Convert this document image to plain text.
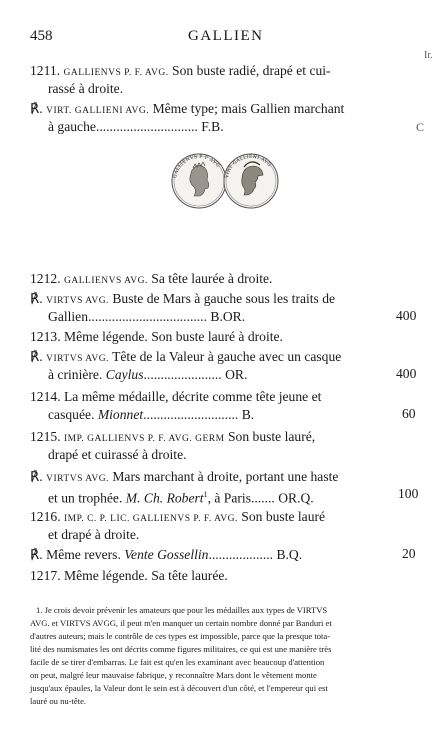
458	GALLIEN
Ir.
1211. GALLIENVS P. F. AVG. Son buste radié, drapé et cui-
rassé à droite.
℟. VIRT. GALLIENI AVG. Même type; mais Gallien marchant
à gauche.............................. F.B.	C
GALLIENVS P F AVG
VIRT GALLIENI AVG
1212. GALLIENVS AVG. Sa tête laurée à droite.
℟. VIRTVS AVG. Buste de Mars à gauche sous les traits de
Gallien................................... B.OR.	400
1213. Même légende. Son buste lauré à droite.
℟. VIRTVS AVG. Tête de la Valeur à gauche avec un casque
à crinière. Caylus....................... OR.	400
1214. La même médaille, décrite comme tête jeune et
casquée. Mionnet............................ B.	60
1215. IMP. GALLIENVS P. F. AVG. GERM Son buste lauré,
drapé et cuirassé à droite.
℟. VIRTVS AVG. Mars marchant à droite, portant une haste
et un trophée. M. Ch. Robert$^1$, à Paris....... OR.Q.	100
1216. IMP. C. P. LIC. GALLIENVS P. F. AVG. Son buste lauré
et drapé à droite.
℟. Même revers. Vente Gossellin................... B.Q.	20
1217. Même légende. Sa tête laurée.
1. Je crois devoir prévenir les amateurs que pour les médailles aux types de VIRTVS
AVG. et VIRTVS AVGG, il peut m'en manquer un certain nombre donné par Banduri et
d'autres auteurs; mais le contrôle de ces types est impossible, parce que la presque tota-
lité des numismates les ont décrits comme figures militaires, ce qui est une manière très
facile de se tirer d'embarras. Le fait est qu'en les examinant avec beaucoup d'attention
on peut, malgré leur mauvaise fabrique, y reconnaître Mars dont le vêtement monte
jusqu'aux épaules, la Valeur dont le sein est à découvert d'un côté, et l'empereur qui est
lauré ou nu-tête.
